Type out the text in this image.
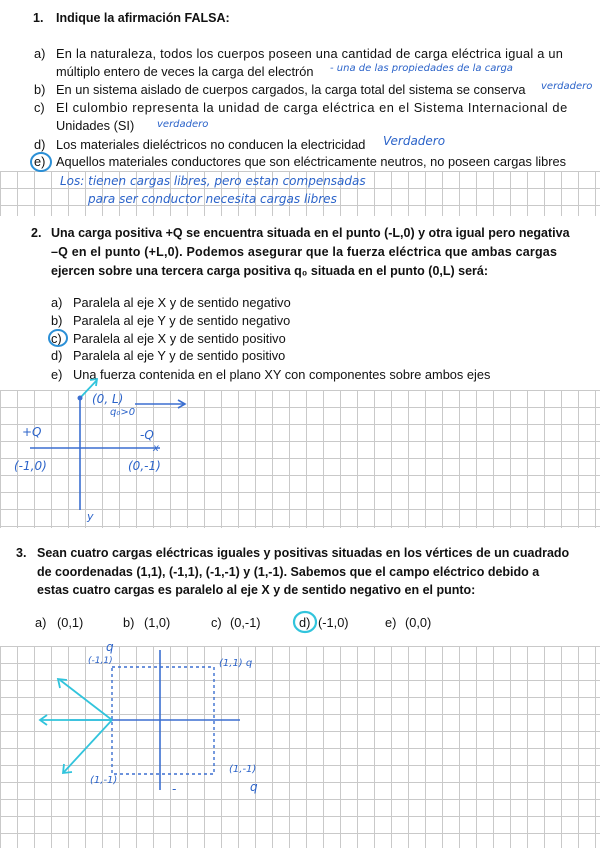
1. Indique la afirmación FALSA:
a) En la naturaleza, todos los cuerpos poseen una cantidad de carga eléctrica igual a un
múltiplo entero de veces la carga del electrón
b) En un sistema aislado de cuerpos cargados, la carga total del sistema se conserva
c) El culombio representa la unidad de carga eléctrica en el Sistema Internacional de
Unidades (SI)
d) Los materiales dieléctricos no conducen la electricidad
e) Aquellos materiales conductores que son eléctricamente neutros, no poseen cargas libres
- una de las propiedades de la carga
verdadero
verdadero
Verdadero
Los: tienen cargas libres, pero estan compensadas
para ser conductor necesita cargas libres
2. Una carga positiva +Q se encuentra situada en el punto (-L,0) y otra igual pero negativa
–Q en el punto (+L,0). Podemos asegurar que la fuerza eléctrica que ambas cargas
ejercen sobre una tercera carga positiva q₀ situada en el punto (0,L) será:
a) Paralela al eje X y de sentido negativo
b) Paralela al eje Y y de sentido negativo
c) Paralela al eje X y de sentido positivo
d) Paralela al eje Y y de sentido positivo
e) Una fuerza contenida en el plano XY con componentes sobre ambos ejes
(0, L)
q₀>0
+Q	-Q
x
(-1,0)	(0,-1)
y
3. Sean cuatro cargas eléctricas iguales y positivas situadas en los vértices de un cuadrado
de coordenadas (1,1), (-1,1), (-1,-1) y (1,-1). Sabemos que el campo eléctrico debido a
estas cuatro cargas es paralelo al eje X y de sentido negativo en el punto:
a) (0,1)	b) (1,0)	c) (0,-1)	d) (-1,0)	e) (0,0)
q
(-1,1)	(1,1) q
(1,-1)
(1,-1)
q
-
